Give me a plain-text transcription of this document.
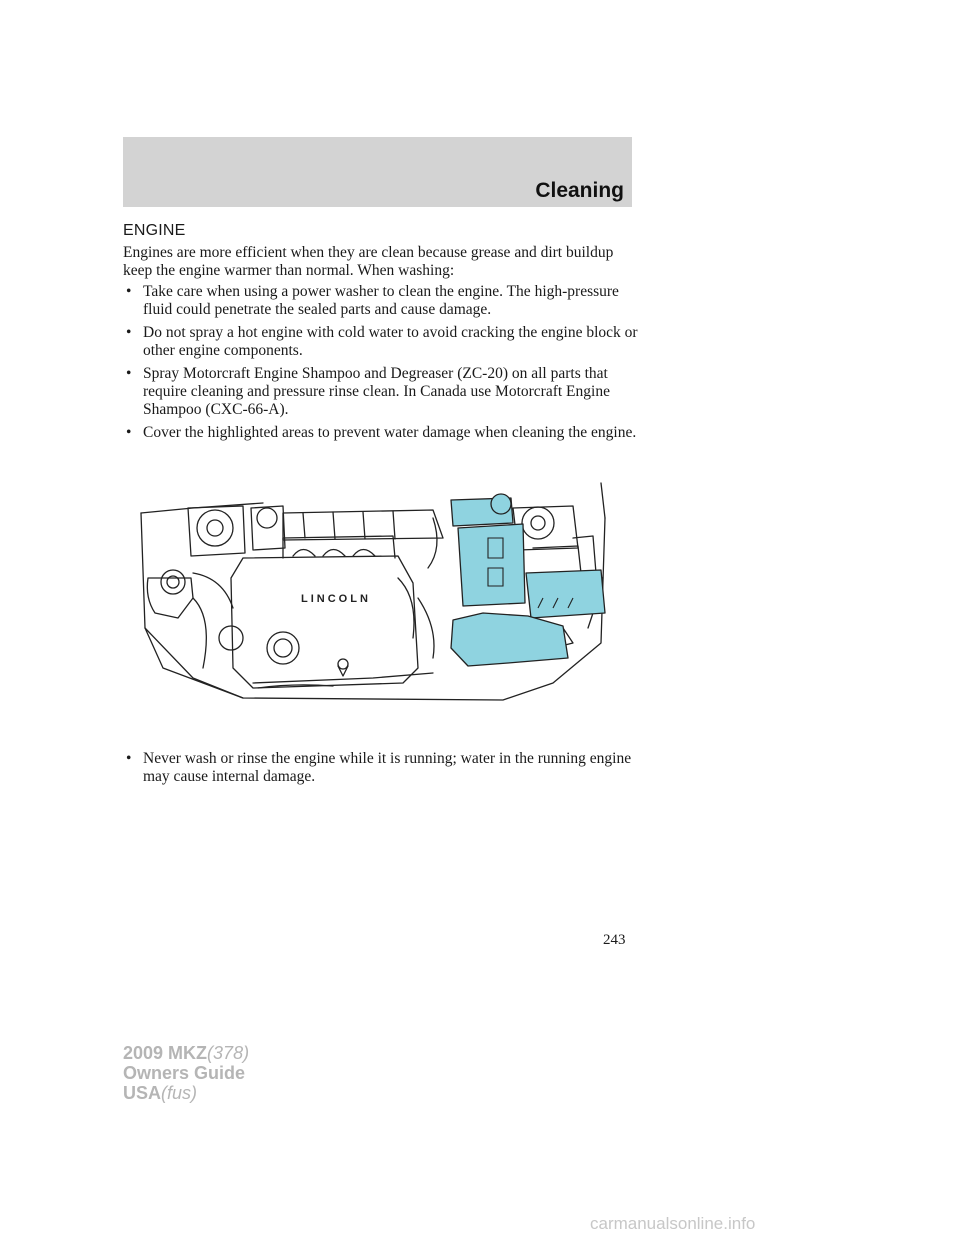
Cleaning
ENGINE

Engines are more efficient when they are clean because grease and dirt buildup keep the engine warmer than normal. When washing:

• Take care when using a power washer to clean the engine. The high-pressure fluid could penetrate the sealed parts and cause damage.
• Do not spray a hot engine with cold water to avoid cracking the engine block or other engine components.
• Spray Motorcraft Engine Shampoo and Degreaser (ZC-20) on all parts that require cleaning and pressure rinse clean. In Canada use Motorcraft Engine Shampoo (CXC-66-A).
• Cover the highlighted areas to prevent water damage when cleaning the engine.
LINCOLN
• Never wash or rinse the engine while it is running; water in the running engine may cause internal damage.
243
2009 MKZ(378)
Owners Guide
USA(fus)
carmanualsonline.info
